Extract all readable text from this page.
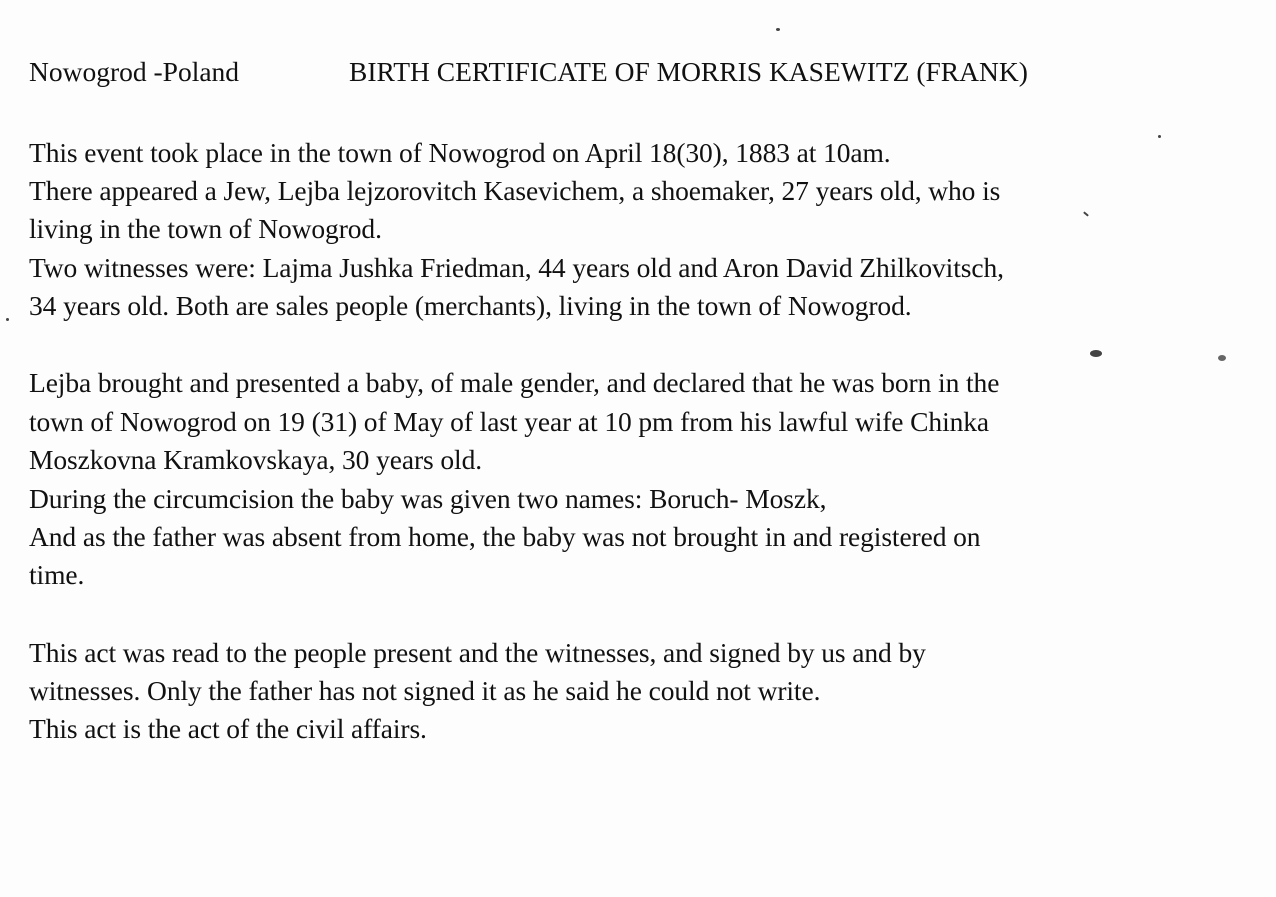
Nowogrod -Poland	BIRTH CERTIFICATE OF MORRIS KASEWITZ (FRANK)
This event took place in the town of Nowogrod on April 18(30), 1883 at 10am.
There appeared a Jew, Lejba lejzorovitch Kasevichem, a shoemaker, 27 years old, who is
living in the town of Nowogrod.
Two witnesses were: Lajma Jushka Friedman, 44 years old and Aron David Zhilkovitsch,
34 years old. Both are sales people (merchants), living in the town of Nowogrod.
Lejba brought and presented a baby, of male gender, and declared that he was born in the
town of Nowogrod on 19 (31) of May of last year at 10 pm from his lawful wife Chinka
Moszkovna Kramkovskaya, 30 years old.
During the circumcision the baby was given two names: Boruch- Moszk,
And as the father was absent from home, the baby was not brought in and registered on
time.
This act was read to the people present and the witnesses, and signed by us and by
witnesses. Only the father has not signed it as he said he could not write.
This act is the act of the civil affairs.
